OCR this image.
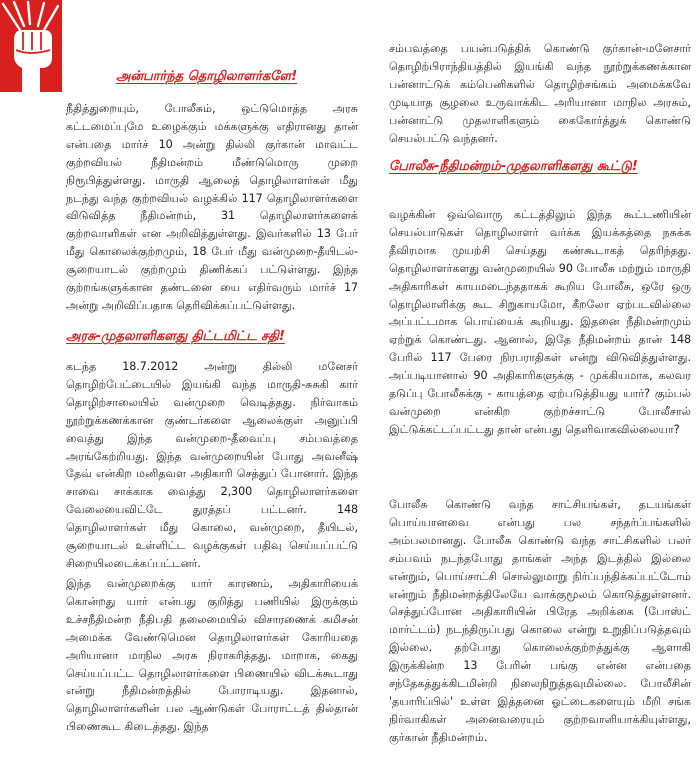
அன்பார்ந்த தொழிலாளர்களே!

நீதித்துறையும், போலீசும், ஒட்டுமொத்த அரசு கட்டமைப்புமே உழைக்கும் மக்களுக்கு எதிரானது தான் என்பதை மார்ச் 10 அன்று தில்லி குர்கான் மாவட்ட குற்றவியல் நீதிமன்றம் மீண்டுமொரு முறை நிரூபித்துள்ளது. மாருதி ஆலைத் தொழிலாளர்கள் மீது நடந்து வந்த குற்றவியல் வழக்கில் 117 தொழிலாளர்களை விடுவித்த நீதிமன்றம், 31 தொழிலாளர்களைக் குற்றவாளிகள் என அறிவித்துள்ளது. இவர்களில் 13 பேர் மீது கொலைக்குற்றமும், 18 பேர் மீது வன்முறை-தீயிடல்-சூறையாடல் குற்றமும் திணிக்கப் பட்டுள்ளது. இந்த குற்றங்களுக்கான தண்டனை யை எதிர்வரும் மார்ச் 17 அன்று அறிவிப்பதாக தெரிவிக்கப்பட்டுள்ளது.

அரசு-முதலாளிகளது திட்டமிட்ட சதி!

கடந்த 18.7.2012 அன்று தில்லி மனேசர் தொழிற்பேட்டையில் இயங்கி வந்த மாருதி-சுசுகி கார் தொழிற்சாலையில் வன்முறை வெடித்தது. நிர்வாகம் நூற்றுக்கணக்கான குண்டர்களை ஆலைக்குள் அனுப்பி வைத்து இந்த வன்முறை-தீவைப்பு சம்பவத்தை அரங்கேற்றியது. இந்த வன்முறையின் போது அவனீஷ் தேவ் என்கிற மனிதவள அதிகாரி செத்துப் போனார். இந்த சாவை சாக்காக வைத்து 2,300 தொழிலாளர்களை வேலையைவிட்டே துரத்தப் பட்டனர். 148 தொழிலாளர்கள் மீது கொலை, வன்முறை, தீயிடல், சூறையாடல் உள்ளிட்ட வழக்குகள் பதிவு செய்யப்பட்டு சிறையிலடைக்கப்பட்டனர்.

இந்த வன்முறைக்கு யார் காரணம், அதிகாரியைக் கொன்றது யார் என்பது குறித்து பணியில் இருக்கும் உச்சநீதிமன்ற நீதிபதி தலைமையில் விசாரணைக் கமிசன் அமைக்க வேண்டுமென தொழிலாளர்கள் கோரியதை அரியானா மாநில அரசு நிராகரித்தது. மாறாக, கைது செய்யப்பட்ட தொழிலாளர்களை பிணையில் விடக்கூடாது என்று நீதிமன்றத்தில் போராடியது. இதனால், தொழிலாளர்களின் பல ஆண்டுகள் போராட்டத் தில்தான் பிணைகூட கிடைத்தது. இந்த

சம்பவத்தை பயன்படுத்திக் கொண்டு குர்கான்-மனேசார் தொழிற்பிராந்தியத்தில் இயங்கி வந்த நூற்றுக்கணக்கான பன்னாட்டுக் கம்பெனிகளில் தொழிற்சங்கம் அமைக்கவே முடியாத சூழலை உருவாக்கிட அரியானா மாநில அரசும், பன்னாட்டு முதலாளிகளும் கைகோர்த்துக் கொண்டு செயல்பட்டு வந்தனர்.

போலீசு-நீதிமன்றம்-முதலாளிகளது கூட்டு!

வழக்கின் ஒவ்வொரு கட்டத்திலும் இந்த கூட்டணியின் செயல்பாடுகள் தொழிலாளர் வர்க்க இயக்கத்தை நசுக்க தீவிரமாக முயற்சி செய்தது கண்கூடாகத் தெரிந்தது. தொழிலாளர்களது வன்முறையில் 90 போலீசு மற்றும் மாருதி அதிகாரிகள் காயமடைந்ததாகக் கூறிய போலீசு, ஒரே ஒரு தொழிலாளிக்கு கூட சிறுகாயமோ, கீறலோ ஏற்படவில்லை அப்பட்டமாக பொய்யைக் கூறியது. இதனை நீதிமன்றமும் ஏற்றுக் கொண்டது. ஆனால், இதே நீதிமன்றம் தான் 148 பேரில் 117 பேரை நிரபராதிகள் என்று விடுவித்துள்ளது. அப்படியானால் 90 அதிகாரிகளுக்கு - முக்கியமாக, கலவர தடுப்பு போலீசுக்கு - காயத்தை ஏற்படுத்தியது யார்? கும்பல் வன்முறை என்கிற குற்றச்சாட்டு போலீசால் இட்டுக்கட்டப்பட்டது தான் என்பது தெளிவாகவில்லையா?

போலீசு கொண்டு வந்த சாட்சியங்கள், தடயங்கள் பொய்யானவை என்பது பல சந்தர்ப்பங்களில் அம்பலமானது. போலீசு கொண்டு வந்த சாட்சிகளில் பலர் சம்பவம் நடந்தபோது தாங்கள் அந்த இடத்தில் இல்லை என்றும், பொய்சாட்சி சொல்லுமாறு நிர்ப்பந்திக்கப்பட்டோம் என்றும் நீதிமன்றத்திலேயே வாக்குமூலம் கொடுத்துள்ளனர். செத்துப்போன அதிகாரியின் பிரேத அறிக்கை (போஸ்ட் மார்ட்டம்) நடந்திருப்பது கொலை என்று உறுதிப்படுத்தவும் இல்லை. தற்போது கொலைக்குற்றத்துக்கு ஆளாகி இருக்கின்ற 13 பேரின் பங்கு என்ன என்பதை சந்தேகத்துக்கிடமின்றி நிலைநிறுத்தவுமில்லை. போலீசின் 'தயாரிப்பில்' உள்ள இத்தனை ஓட்டைகளையும் மீறி சங்க நிர்வாகிகள் அனைவரையும் குற்றவாளியாக்கியுள்ளது, குர்கான் நீதிமன்றம்.
